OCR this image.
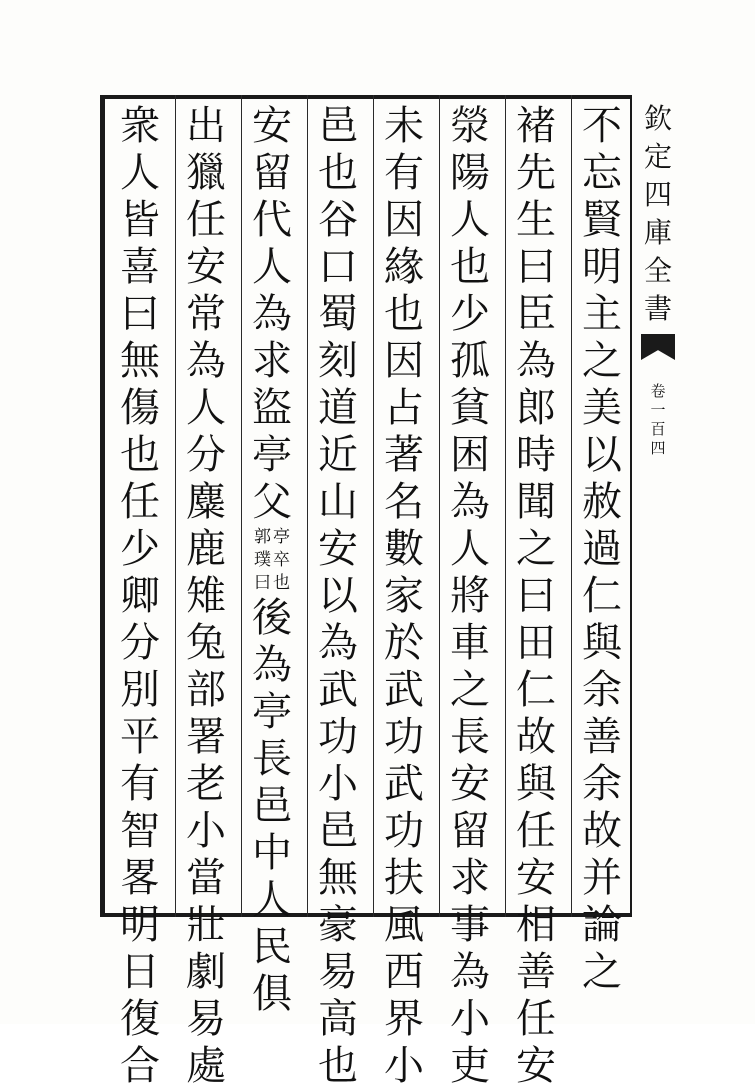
不
忘
賢
明
主
之
美
以
赦
過
仁
與
余
善
余
故
并
論
之
褚
先
生
曰
臣
為
郎
時
聞
之
曰
田
仁
故
與
任
安
相
善
任
安
滎
陽
人
也
少
孤
貧
困
為
人
將
車
之
長
安
留
求
事
為
小
吏
未
有
因
緣
也
因
占
著
名
數
家
於
武
功
武
功
扶
風
西
界
小
邑
也
谷
口
蜀
刻
道
近
山
安
以
為
武
功
小
邑
無
豪
易
高
也
安
留
代
人
為
求
盜
亭
父
亭
卒
也
郭
璞
曰
後
為
亭
長
邑
中
人
民
俱
出
獵
任
安
常
為
人
分
麋
鹿
雉
兔
部
署
老
小
當
壯
劇
易
處
衆
人
皆
喜
曰
無
傷
也
任
少
卿
分
別
平
有
智
畧
明
日
復
合
欽
定
四
庫
全
書
卷
一
百
四
